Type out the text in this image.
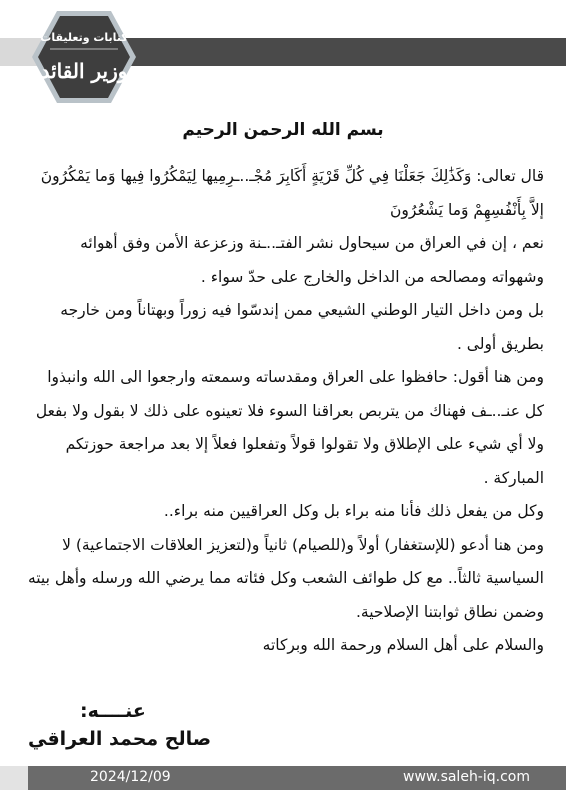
كتابات وتعليقات
وزير القائد
بسم الله الرحمن الرحيم

قال تعالى: وَكَذَٰلِكَ جَعَلْنَا فِي كُلِّ قَرْيَةٍ أَكَابِرَ مُجْـ..ـرِمِيها لِيَمْكُرُوا فِيها وَما يَمْكُرُونَ إلاَّ بِأَنْفُسِهِمْ وَما يَشْعُرُونَ

نعم ، إن في العراق من سيحاول نشر الفتـ..ـنة وزعزعة الأمن وفق أهوائه وشهواته ومصالحه من الداخل والخارج على حدّ سواء .

بل ومن داخل التيار الوطني الشيعي ممن إندسّوا فيه زوراً وبهتاناً ومن خارجه بطريق أولى .

ومن هنا أقول: حافظوا على العراق ومقدساته وسمعته وارجعوا الى الله وانبذوا كل عنـ..ـف فهناك من يتربص بعراقنا السوء فلا تعينوه على ذلك لا بقول ولا بفعل ولا أي شيء على الإطلاق ولا تقولوا قولاً وتفعلوا فعلاً إلا بعد مراجعة حوزتكم المباركة .

وكل من يفعل ذلك فأنا منه براء بل وكل العراقيين منه براء..

ومن هنا أدعو (للإستغفار) أولاً و(للصيام) ثانياً و(لتعزيز العلاقات الاجتماعية) لا السياسية ثالثاً.. مع كل طوائف الشعب وكل فئاته مما يرضي الله ورسله وأهل بيته وضمن نطاق ثوابتنا الإصلاحية.

والسلام على أهل السلام ورحمة الله وبركاته

عنــــه:
صالح محمد العراقي
2024/12/09	www.saleh-iq.com
